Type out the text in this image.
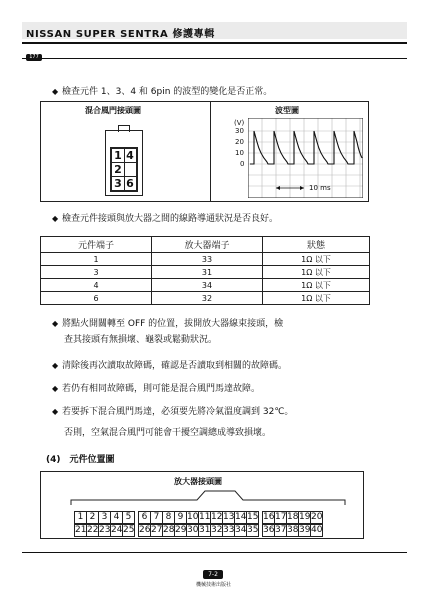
NISSAN SUPER SENTRA 修護專輯
177
◆ 檢查元件 1、3、4 和 6pin 的波型的變化是否正常。
混合風門接頭圖	波型圖
1 4
2
3 6
(V)
30
20
10
0
10 ms
◆ 檢查元件接頭與放大器之間的線路導通狀況是否良好。
元件端子	放大器端子	狀態
1	33	1Ω 以下
3	31	1Ω 以下
4	34	1Ω 以下
6	32	1Ω 以下
◆ 將點火開關轉至 OFF 的位置，拔開放大器線束接頭，檢
查其接頭有無損壞、龜裂或鬆動狀況。
◆ 清除後再次讀取故障碼，確認是否讀取到相關的故障碼。
◆ 若仍有相同故障碼，則可能是混合風門馬達故障。
◆ 若要拆下混合風門馬達，必須要先將冷氣溫度調到 32℃。
否則，空氣混合風門可能會干擾空調總成導致損壞。
(4)　元件位置圖
放大器接頭圖
1 2 3 4 5 6 7 8 9 101112131415 1617181920
2122232425 26272829303132333435 3637383940
7-2
機械技術出版社
